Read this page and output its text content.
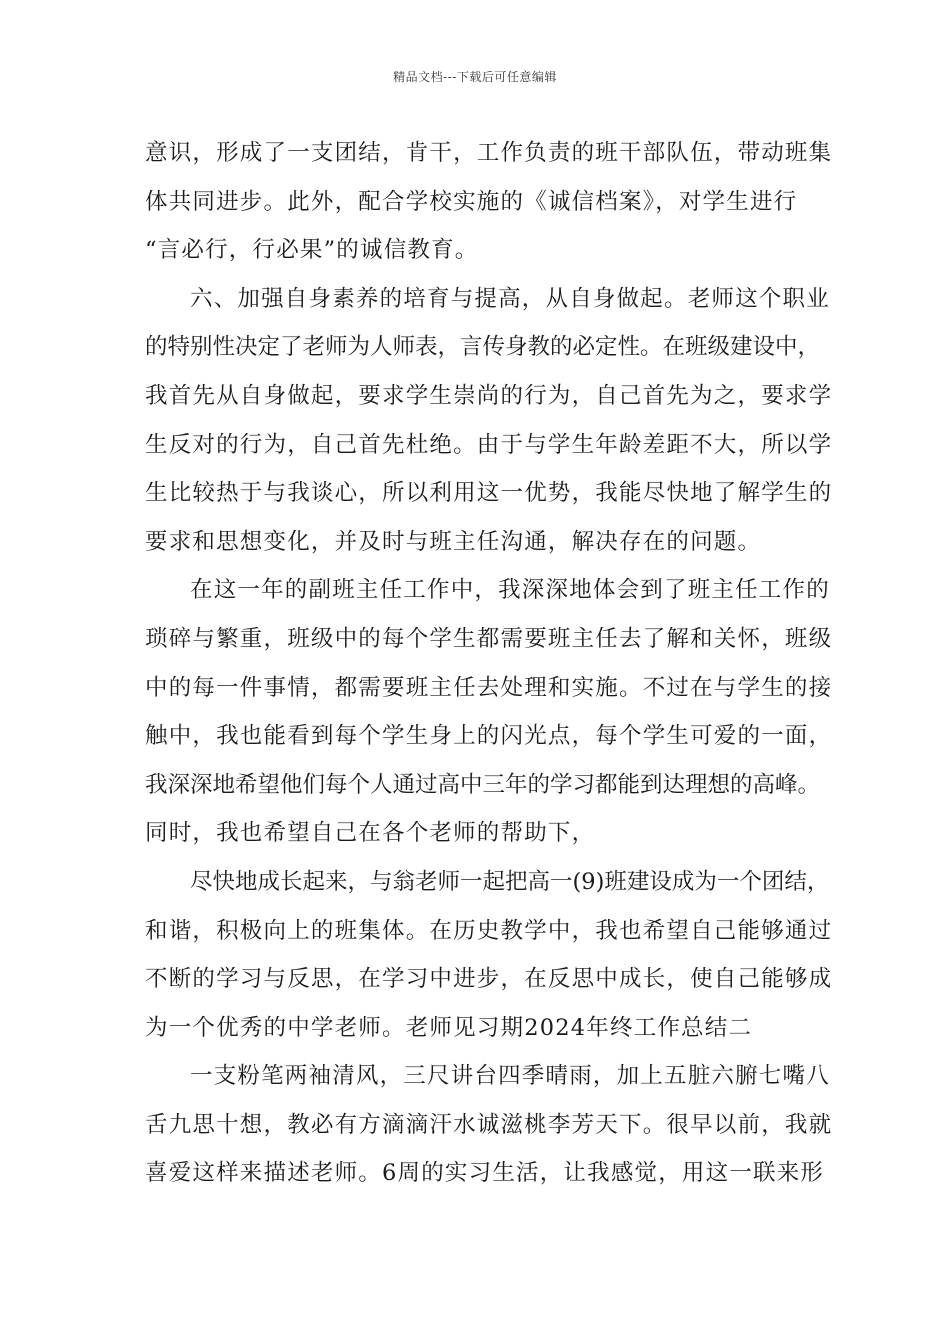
精品文档---下载后可任意编辑
意识，形成了一支团结，肯干，工作负责的班干部队伍，带动班集
体共同进步。此外，配合学校实施的《诚信档案》，对学生进行
“言必行，行必果”的诚信教育。
六、加强自身素养的培育与提高，从自身做起。老师这个职业
的特别性决定了老师为人师表，言传身教的必定性。在班级建设中，
我首先从自身做起，要求学生崇尚的行为，自己首先为之，要求学
生反对的行为，自己首先杜绝。由于与学生年龄差距不大，所以学
生比较热于与我谈心，所以利用这一优势，我能尽快地了解学生的
要求和思想变化，并及时与班主任沟通，解决存在的问题。
在这一年的副班主任工作中，我深深地体会到了班主任工作的
琐碎与繁重，班级中的每个学生都需要班主任去了解和关怀，班级
中的每一件事情，都需要班主任去处理和实施。不过在与学生的接
触中，我也能看到每个学生身上的闪光点，每个学生可爱的一面，
我深深地希望他们每个人通过高中三年的学习都能到达理想的高峰。
同时，我也希望自己在各个老师的帮助下，
尽快地成长起来，与翁老师一起把高一(9)班建设成为一个团结，
和谐，积极向上的班集体。在历史教学中，我也希望自己能够通过
不断的学习与反思，在学习中进步，在反思中成长，使自己能够成
为一个优秀的中学老师。老师见习期2024年终工作总结二
一支粉笔两袖清风，三尺讲台四季晴雨，加上五脏六腑七嘴八
舌九思十想，教必有方滴滴汗水诚滋桃李芳天下。很早以前，我就
喜爱这样来描述老师。6周的实习生活，让我感觉，用这一联来形
